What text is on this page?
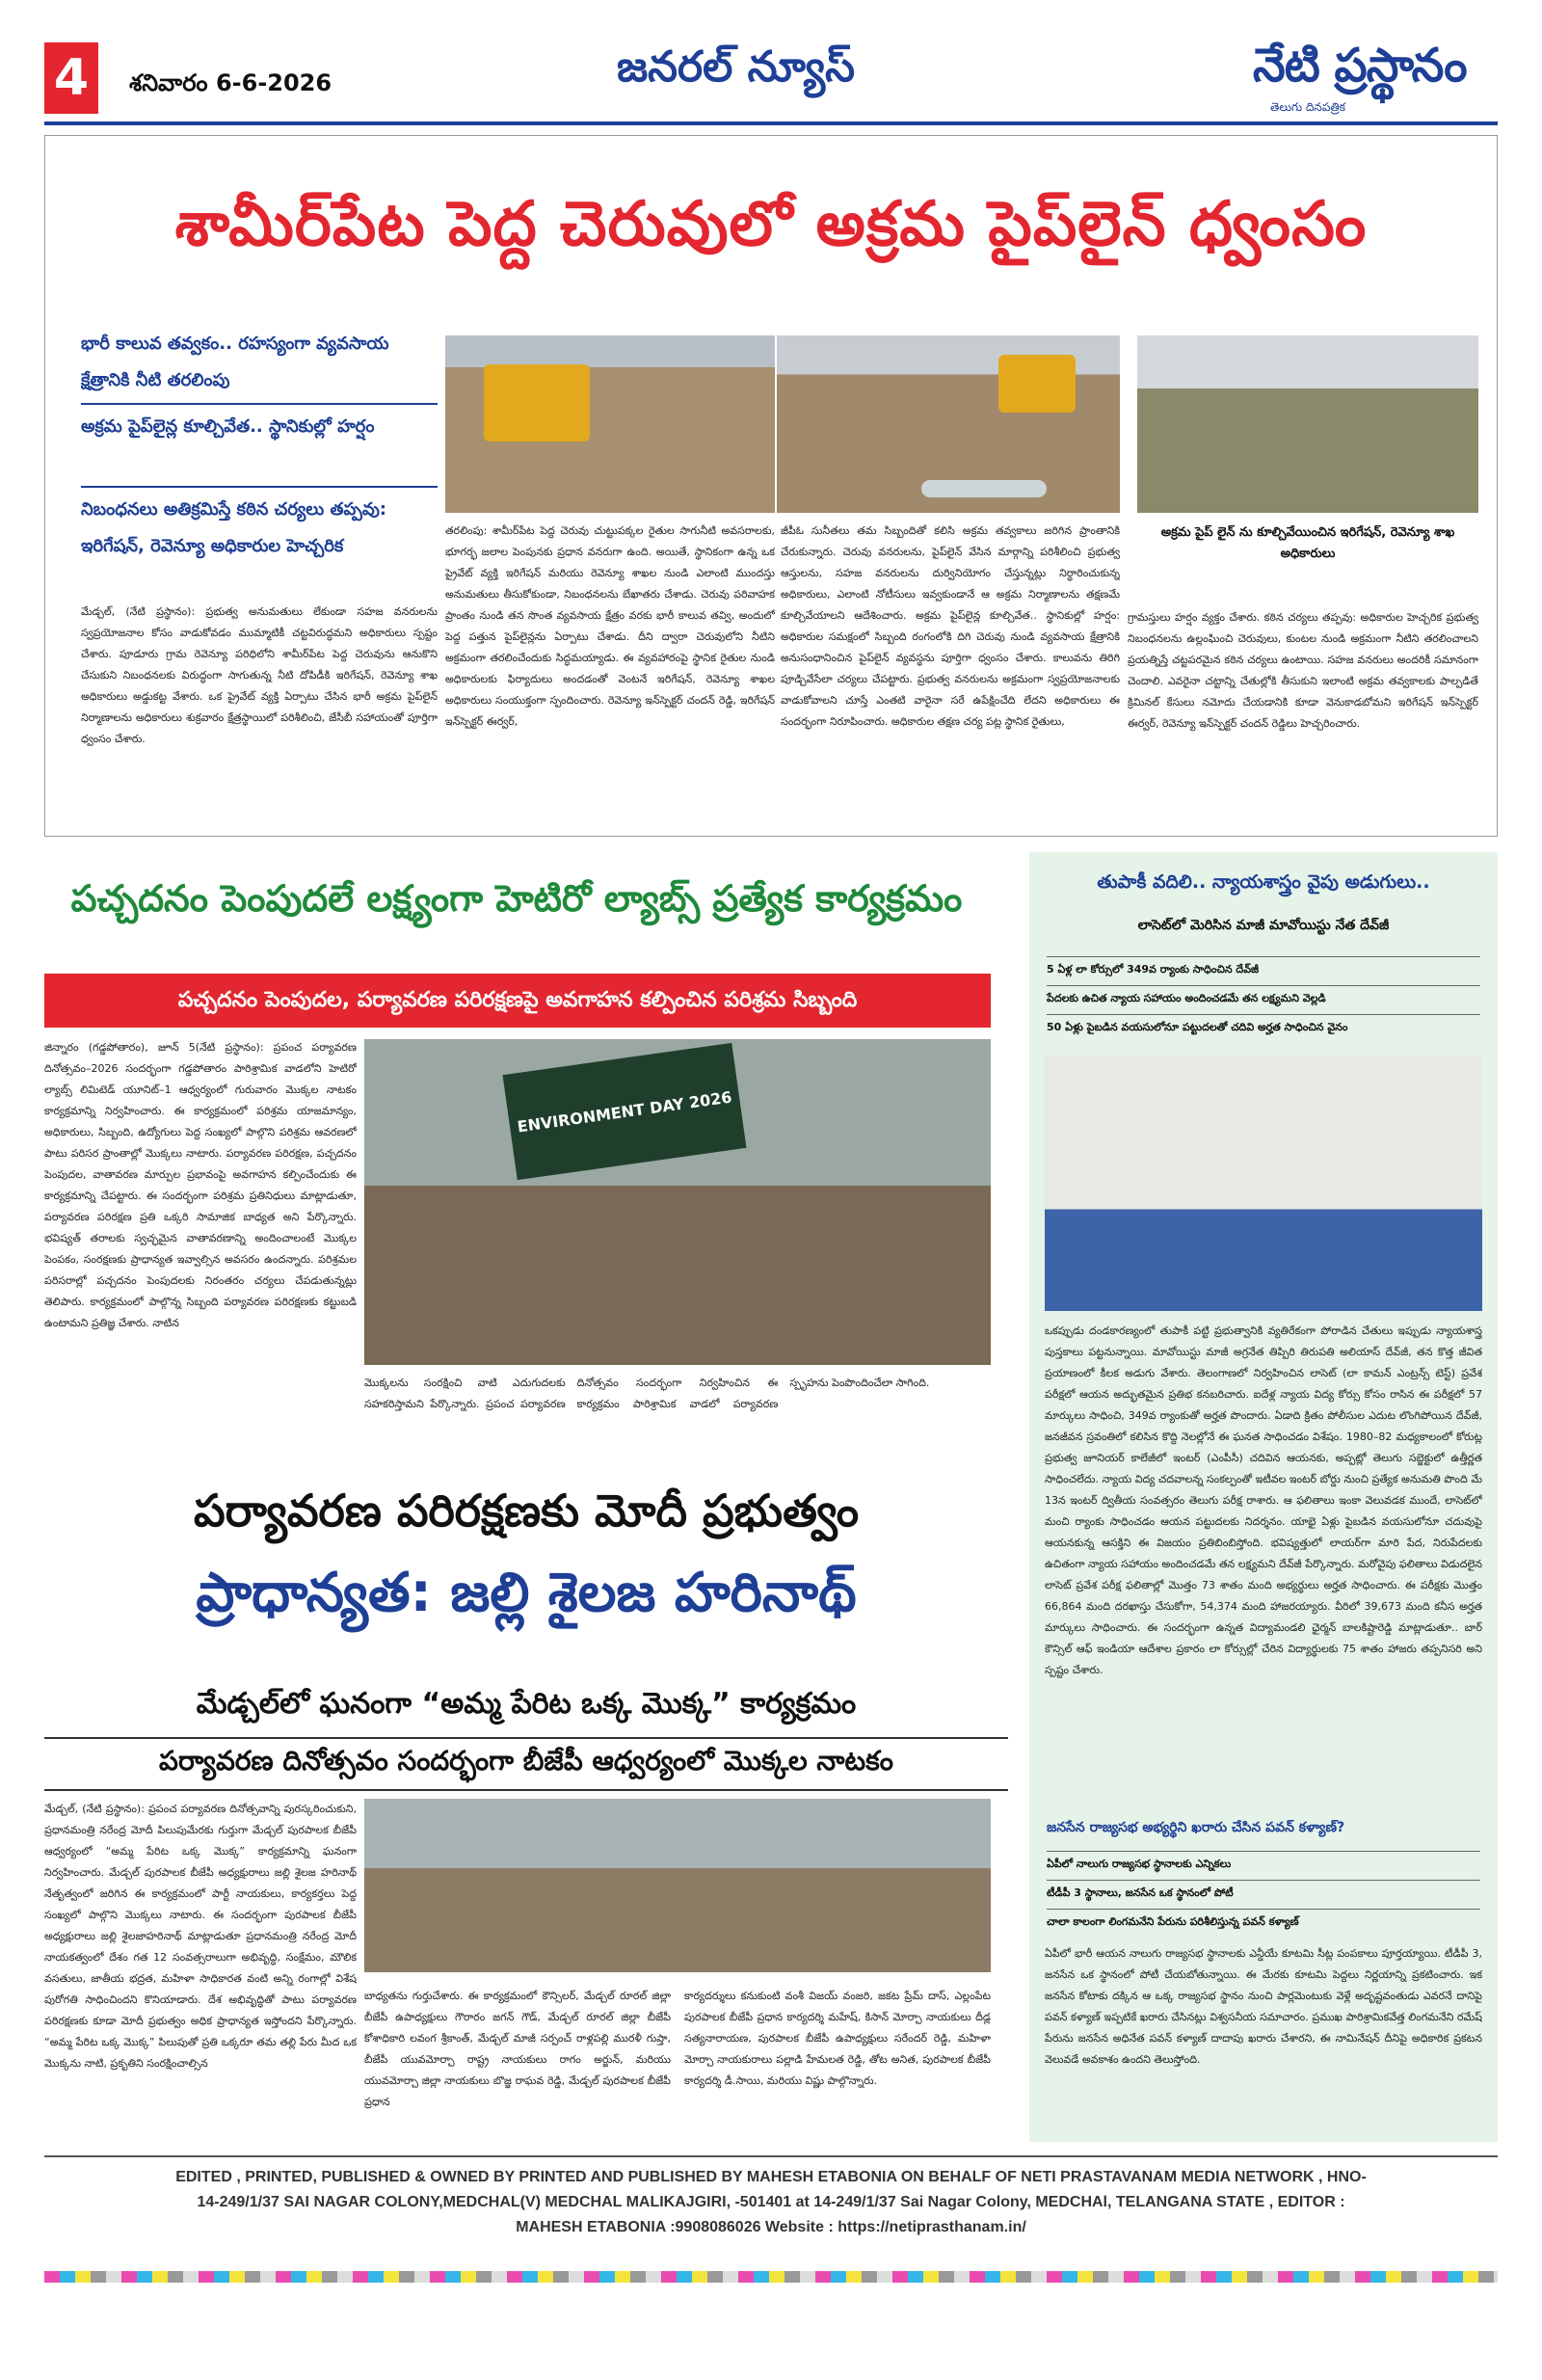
4	శనివారం 6-6-2026	జనరల్ న్యూస్	నేటి ప్రస్థానం
తెలుగు దినపత్రిక
శామీర్‌పేట పెద్ద చెరువులో అక్రమ పైప్‌లైన్ ధ్వంసం
భారీ కాలువ తవ్వకం.. రహస్యంగా వ్యవసాయ క్షేత్రానికి నీటి తరలింపు
అక్రమ పైప్‌లైన్ల కూల్చివేత.. స్థానికుల్లో హర్షం
నిబంధనలు అతిక్రమిస్తే కఠిన చర్యలు తప్పవు: ఇరిగేషన్, రెవెన్యూ అధికారుల హెచ్చరిక
అక్రమ పైప్ లైన్ ను కూల్చివేయించిన ఇరిగేషన్, రెవెన్యూ శాఖ అధికారులు
మేడ్చల్, (నేటి ప్రస్థానం): ప్రభుత్వ అనుమతులు లేకుండా సహజ వనరులను స్వప్రయోజనాల కోసం వాడుకోవడం ముమ్మాటికీ చట్టవిరుద్ధమని అధికారులు స్పష్టం చేశారు. పూడూరు గ్రామ రెవెన్యూ పరిధిలోని శామీర్‌పేట పెద్ద చెరువును ఆనుకొని చేసుకుని నిబంధనలకు విరుద్ధంగా సాగుతున్న నీటి దోపిడీకి ఇరిగేషన్, రెవెన్యూ శాఖ అధికారులు అడ్డుకట్ట వేశారు. ఒక ప్రైవేట్ వ్యక్తి ఏర్పాటు చేసిన భారీ అక్రమ పైప్‌లైన్ నిర్మాణాలను అధికారులు శుక్రవారం క్షేత్రస్థాయిలో పరిశీలించి, జేసీబీ సహాయంతో పూర్తిగా ధ్వంసం చేశారు.
తరలింపు: శామీర్‌పేట పెద్ద చెరువు చుట్టుపక్కల రైతుల సాగునీటి అవసరాలకు, భూగర్భ జలాల పెంపునకు ప్రధాన వనరుగా ఉంది. అయితే, స్థానికంగా ఉన్న ఒక ప్రైవేట్ వ్యక్తి ఇరిగేషన్ మరియు రెవెన్యూ శాఖల నుండి ఎలాంటి ముందస్తు అనుమతులు తీసుకోకుండా, నిబంధనలను బేఖాతరు చేశాడు. చెరువు పరివాహక ప్రాంతం నుండి తన సొంత వ్యవసాయ క్షేత్రం వరకు భారీ కాలువ తవ్వి, అందులో పెద్ద పత్తున పైప్‌లైన్లను ఏర్పాటు చేశాడు. దీని ద్వారా చెరువులోని నీటిని అక్రమంగా తరలించేందుకు సిద్ధమయ్యాడు. ఈ వ్యవహారంపై స్థానిక రైతుల నుండి అధికారులకు ఫిర్యాదులు అందడంతో వెంటనే ఇరిగేషన్, రెవెన్యూ శాఖల అధికారులు సంయుక్తంగా స్పందించారు. రెవెన్యూ ఇన్‌స్పెక్టర్ చందన్ రెడ్డి, ఇరిగేషన్ ఇన్‌స్పెక్టర్ ఈర్వర్,
జీపీఓ సునీతలు తమ సిబ్బందితో కలిసి అక్రమ తవ్వకాలు జరిగిన ప్రాంతానికి చేరుకున్నారు. చెరువు వనరులను, పైప్‌లైన్ వేసిన మార్గాన్ని పరిశీలించి ప్రభుత్వ ఆస్తులను, సహజ వనరులను దుర్వినియోగం చేస్తున్నట్లు నిర్ధారించుకున్న అధికారులు, ఎలాంటి నోటీసులు ఇవ్వకుండానే ఆ అక్రమ నిర్మాణాలను తక్షణమే కూల్చివేయాలని ఆదేశించారు. అక్రమ పైప్‌లైన్ల కూల్చివేత.. స్థానికుల్లో హర్షం: అధికారుల సమక్షంలో సిబ్బంది రంగంలోకి దిగి చెరువు నుండి వ్యవసాయ క్షేత్రానికి అనుసంధానించిన పైప్‌లైన్ వ్యవస్థను పూర్తిగా ధ్వంసం చేశారు. కాలువను తిరిగి పూడ్చివేసేలా చర్యలు చేపట్టారు. ప్రభుత్వ వనరులను అక్రమంగా స్వప్రయోజనాలకు వాడుకోవాలని చూస్తే ఎంతటి వారైనా సరే ఉపేక్షించేది లేదని అధికారులు ఈ సందర్భంగా నిరూపించారు. అధికారుల తక్షణ చర్య పట్ల స్థానిక రైతులు,
గ్రామస్తులు హర్షం వ్యక్తం చేశారు. కఠిన చర్యలు తప్పవు: అధికారుల హెచ్చరిక ప్రభుత్వ నిబంధనలను ఉల్లంఘించి చెరువులు, కుంటల నుండి అక్రమంగా నీటిని తరలించాలని ప్రయత్నిస్తే చట్టపరమైన కఠిన చర్యలు ఉంటాయి. సహజ వనరులు అందరికీ సమానంగా చెందాలి. ఎవరైనా చట్టాన్ని చేతుల్లోకి తీసుకుని ఇలాంటి అక్రమ తవ్వకాలకు పాల్పడితే క్రిమినల్ కేసులు నమోదు చేయడానికి కూడా వెనుకాడబోమని ఇరిగేషన్ ఇన్‌స్పెక్టర్ ఈర్వర్, రెవెన్యూ ఇన్‌స్పెక్టర్ చందన్ రెడ్డిలు హెచ్చరించారు.
పచ్చదనం పెంపుదలే లక్ష్యంగా హెటిరో ల్యాబ్స్ ప్రత్యేక కార్యక్రమం
పచ్చదనం పెంపుదల, పర్యావరణ పరిరక్షణపై అవగాహన కల్పించిన పరిశ్రమ సిబ్బంది
జిన్నారం (గడ్డపోతారం), జూన్ 5(నేటి ప్రస్థానం): ప్రపంచ పర్యావరణ దినోత్సవం–2026 సందర్భంగా గడ్డపోతారం పారిశ్రామిక వాడలోని హెటిరో ల్యాబ్స్ లిమిటెడ్ యూనిట్–1 ఆధ్వర్యంలో గురువారం మొక్కల నాటకం కార్యక్రమాన్ని నిర్వహించారు. ఈ కార్యక్రమంలో పరిశ్రమ యాజమాన్యం, అధికారులు, సిబ్బంది, ఉద్యోగులు పెద్ద సంఖ్యలో పాల్గొని పరిశ్రమ ఆవరణలో పాటు పరిసర ప్రాంతాల్లో మొక్కలు నాటారు. పర్యావరణ పరిరక్షణ, పచ్చదనం పెంపుదల, వాతావరణ మార్పుల ప్రభావంపై అవగాహన కల్పించేందుకు ఈ కార్యక్రమాన్ని చేపట్టారు. ఈ సందర్భంగా పరిశ్రమ ప్రతినిధులు మాట్లాడుతూ, పర్యావరణ పరిరక్షణ ప్రతి ఒక్కరి సామాజిక బాధ్యత అని పేర్కొన్నారు. భవిష్యత్ తరాలకు స్వచ్ఛమైన వాతావరణాన్ని అందించాలంటే మొక్కల పెంపకం, సంరక్షణకు ప్రాధాన్యత ఇవ్వాల్సిన అవసరం ఉందన్నారు. పరిశ్రమల పరిసరాల్లో పచ్చదనం పెంపుదలకు నిరంతరం చర్యలు చేపడుతున్నట్లు తెలిపారు. కార్యక్రమంలో పాల్గొన్న సిబ్బంది పర్యావరణ పరిరక్షణకు కట్టుబడి ఉంటామని ప్రతిజ్ఞ చేశారు. నాటిన
ENVIRONMENT DAY 2026
మొక్కలను సంరక్షించి వాటి ఎదుగుదలకు సహకరిస్తామని పేర్కొన్నారు. ప్రపంచ పర్యావరణ దినోత్సవం సందర్భంగా నిర్వహించిన ఈ కార్యక్రమం పారిశ్రామిక వాడలో పర్యావరణ స్పృహను పెంపొందించేలా సాగింది.
తుపాకీ వదిలి.. న్యాయశాస్త్రం వైపు అడుగులు..
లాసెట్‌లో మెరిసిన మాజీ మావోయిస్టు నేత దేవ్‌జీ
5 ఏళ్ల లా కోర్సులో 349వ ర్యాంకు సాధించిన దేవ్‌జీ
పేదలకు ఉచిత న్యాయ సహాయం అందించడమే తన లక్ష్యమని వెల్లడి
50 ఏళ్లు పైబడిన వయసులోనూ పట్టుదలతో చదివి అర్హత సాధించిన వైనం
ఒకప్పుడు దండకారణ్యంలో తుపాకీ పట్టి ప్రభుత్వానికి వ్యతిరేకంగా పోరాడిన చేతులు ఇప్పుడు న్యాయశాస్త్ర పుస్తకాలు పట్టనున్నాయి. మావోయిస్టు మాజీ అగ్రనేత తిప్పిరి తిరుపతి అలియాస్ దేవ్‌జీ, తన కొత్త జీవిత ప్రయాణంలో కీలక అడుగు వేశారు. తెలంగాణలో నిర్వహించిన లాసెట్ (లా కామన్ ఎంట్రన్స్ టెస్ట్) ప్రవేశ పరీక్షలో ఆయన అద్భుతమైన ప్రతిభ కనబరిచారు. ఐదేళ్ల న్యాయ విద్య కోర్సు కోసం రాసిన ఈ పరీక్షలో 57 మార్కులు సాధించి, 349వ ర్యాంకుతో అర్హత పొందారు. ఏడాది క్రితం పోలీసుల ఎదుట లొంగిపోయిన దేవ్‌జీ, జనజీవన స్రవంతిలో కలిసిన కొద్ది నెలల్లోనే ఈ ఘనత సాధించడం విశేషం. 1980–82 మధ్యకాలంలో కోరుట్ల ప్రభుత్వ జూనియర్ కాలేజీలో ఇంటర్ (ఎంపీసీ) చదివిన ఆయనకు, అప్పట్లో తెలుగు సబ్జెక్టులో ఉత్తీర్ణత సాధించలేదు. న్యాయ విద్య చదవాలన్న సంకల్పంతో ఇటీవల ఇంటర్ బోర్డు నుంచి ప్రత్యేక అనుమతి పొంది మే 13న ఇంటర్ ద్వితీయ సంవత్సరం తెలుగు పరీక్ష రాశారు. ఆ ఫలితాలు ఇంకా వెలువడక ముందే, లాసెట్‌లో మంచి ర్యాంకు సాధించడం ఆయన పట్టుదలకు నిదర్శనం. యాభై ఏళ్లు పైబడిన వయసులోనూ చదువుపై ఆయనకున్న ఆసక్తిని ఈ విజయం ప్రతిబింబిస్తోంది. భవిష్యత్తులో లాయర్‌గా మారి పేద, నిరుపేదలకు ఉచితంగా న్యాయ సహాయం అందించడమే తన లక్ష్యమని దేవ్‌జీ పేర్కొన్నారు. మరోవైపు ఫలితాలు విడుదలైన లాసెట్ ప్రవేశ పరీక్ష ఫలితాల్లో మొత్తం 73 శాతం మంది అభ్యర్థులు అర్హత సాధించారు. ఈ పరీక్షకు మొత్తం 66,864 మంది దరఖాస్తు చేసుకోగా, 54,374 మంది హాజరయ్యారు. వీరిలో 39,673 మంది కనీస అర్హత మార్కులు సాధించారు. ఈ సందర్భంగా ఉన్నత విద్యామండలి ఛైర్మన్ బాలకిష్టారెడ్డి మాట్లాడుతూ.. బార్ కౌన్సిల్ ఆఫ్ ఇండియా ఆదేశాల ప్రకారం లా కోర్సుల్లో చేరిన విద్యార్థులకు 75 శాతం హాజరు తప్పనిసరి అని స్పష్టం చేశారు.
జనసేన రాజ్యసభ అభ్యర్థిని ఖరారు చేసిన పవన్ కళ్యాణ్?
ఏపీలో నాలుగు రాజ్యసభ స్థానాలకు ఎన్నికలు
టీడీపీ 3 స్థానాలు, జనసేన ఒక స్థానంలో పోటీ
చాలా కాలంగా లింగమనేని పేరును పరిశీలిస్తున్న పవన్ కళ్యాణ్
ఏపీలో భారీ ఆయన నాలుగు రాజ్యసభ స్థానాలకు ఎన్డీయే కూటమి సీట్ల పంపకాలు పూర్తయ్యాయి. టీడీపీ 3, జనసేన ఒక స్థానంలో పోటీ చేయబోతున్నాయి. ఈ మేరకు కూటమి పెద్దలు నిర్ణయాన్ని ప్రకటించారు. ఇక జనసేన కోటాకు దక్కిన ఆ ఒక్క రాజ్యసభ స్థానం నుంచి పార్లమెంటుకు వెళ్లే అదృష్టవంతుడు ఎవరనే దానిపై పవన్ కళ్యాణ్ ఇప్పటికే ఖరారు చేసినట్లు విశ్వసనీయ సమాచారం. ప్రముఖ పారిశ్రామికవేత్త లింగమనేని రమేష్ పేరును జనసేన అధినేత పవన్ కళ్యాణ్ దాదాపు ఖరారు చేశారని, ఈ నామినేషన్ దీనిపై అధికారిక ప్రకటన వెలువడే అవకాశం ఉందని తెలుస్తోంది.
పర్యావరణ పరిరక్షణకు మోదీ ప్రభుత్వం
ప్రాధాన్యత: జల్లి శైలజ హరినాథ్
మేడ్చల్‌లో ఘనంగా “అమ్మ పేరిట ఒక్క మొక్క” కార్యక్రమం
పర్యావరణ దినోత్సవం సందర్భంగా బీజేపీ ఆధ్వర్యంలో మొక్కల నాటకం
మేడ్చల్, (నేటి ప్రస్థానం): ప్రపంచ పర్యావరణ దినోత్సవాన్ని పురస్కరించుకుని, ప్రధానమంత్రి నరేంద్ర మోదీ పిలుపుమేరకు గుర్తుగా మేడ్చల్ పురపాలక బీజేపీ ఆధ్వర్యంలో “అమ్మ పేరిట ఒక్క మొక్క” కార్యక్రమాన్ని ఘనంగా నిర్వహించారు. మేడ్చల్ పురపాలక బీజేపీ అధ్యక్షురాలు జల్లి శైలజ హరినాథ్ నేతృత్వంలో జరిగిన ఈ కార్యక్రమంలో పార్టీ నాయకులు, కార్యకర్తలు పెద్ద సంఖ్యలో పాల్గొని మొక్కలు నాటారు. ఈ సందర్భంగా పురపాలక బీజేపీ అధ్యక్షురాలు జల్లి శైలజాహరినాథ్ మాట్లాడుతూ ప్రధానమంత్రి నరేంద్ర మోదీ నాయకత్వంలో దేశం గత 12 సంవత్సరాలుగా అభివృద్ధి, సంక్షేమం, మౌలిక వసతులు, జాతీయ భద్రత, మహిళా సాధికారత వంటి అన్ని రంగాల్లో విశేష పురోగతి సాధించిందని కొనియాడారు. దేశ అభివృద్ధితో పాటు పర్యావరణ పరిరక్షణకు కూడా మోదీ ప్రభుత్వం అధిక ప్రాధాన్యత ఇస్తోందని పేర్కొన్నారు. “అమ్మ పేరిట ఒక్క మొక్క” పిలుపుతో ప్రతి ఒక్కరూ తమ తల్లి పేరు మీద ఒక మొక్కను నాటి, ప్రకృతిని సంరక్షించాల్సిన
బాధ్యతను గుర్తుచేశారు. ఈ కార్యక్రమంలో కౌన్సిలర్, మేడ్చల్ రూరల్ జిల్లా బీజేపీ ఉపాధ్యక్షులు గౌరారం జగన్ గౌడ్, మేడ్చల్ రూరల్ జిల్లా బీజేపీ కోశాధికారి లవంగ శ్రీకాంత్, మేడ్చల్ మాజీ సర్పంచ్ రాళ్లపల్లి మురళీ గుప్తా, బీజేపీ యువమోర్చా రాష్ట్ర నాయకులు రాగం అర్జున్, మరియు యువమోర్చా జిల్లా నాయకులు బొజ్జ రాఘవ రెడ్డి, మేడ్చల్ పురపాలక బీజేపీ ప్రధాన
కార్యదర్శులు కనుకుంటి వంశీ విజయ్ వంజరి, జకట ప్రేమ్ దాస్, ఎల్లంపేట పురపాలక బీజేపీ ప్రధాన కార్యదర్శి మహేష్, కిసాన్ మోర్చా నాయకులు దీడ్ల సత్యనారాయణ, పురపాలక బీజేపీ ఉపాధ్యక్షులు సరేందర్ రెడ్డి, మహిళా మోర్చా నాయకురాలు పల్లాడి హేమలత రెడ్డి, తోట అనిత, పురపాలక బీజేపీ కార్యదర్శి డీ.సాయి, మరియు విష్ణు పాల్గొన్నారు.
EDITED , PRINTED, PUBLISHED & OWNED BY PRINTED AND PUBLISHED BY MAHESH ETABONIA ON BEHALF OF NETI PRASTAVANAM MEDIA NETWORK , HNO-
14-249/1/37 SAI NAGAR COLONY,MEDCHAL(V) MEDCHAL MALIKAJGIRI, -501401 at 14-249/1/37 Sai Nagar Colony, MEDCHAl, TELANGANA STATE , EDITOR :
MAHESH ETABONIA :9908086026 Website : https://netiprasthanam.in/
